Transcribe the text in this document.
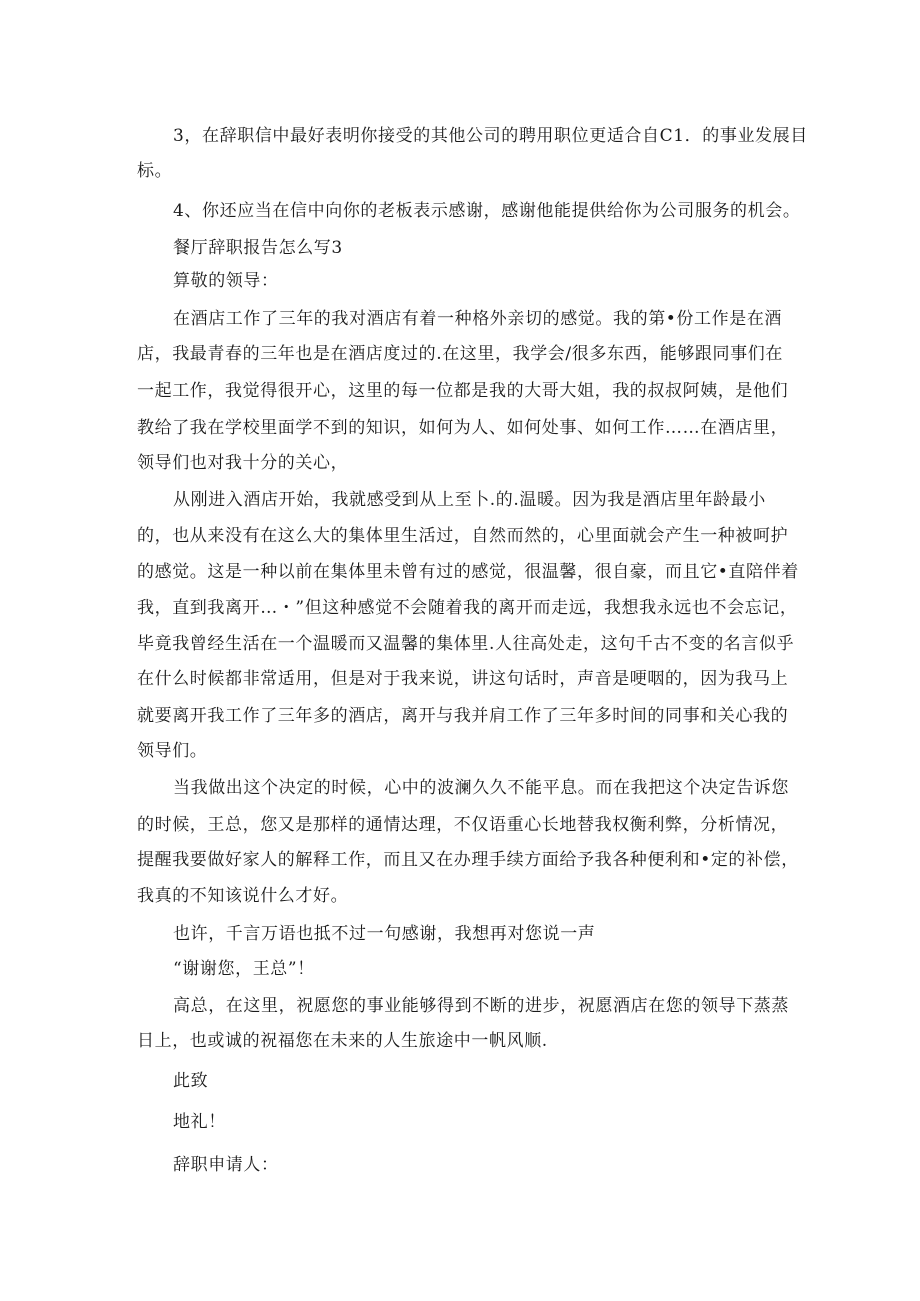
3，在辞职信中最好表明你接受的其他公司的聘用职位更适合自C1．的事业发展目
标。
4、你还应当在信中向你的老板表示感谢，感谢他能提供给你为公司服务的机会。
餐厅辞职报告怎么写3
算敬的领导：
在酒店工作了三年的我对酒店有着一种格外亲切的感觉。我的第•份工作是在酒
店，我最青春的三年也是在酒店度过的.在这里，我学会/很多东西，能够跟同事们在
一起工作，我觉得很开心，这里的每一位都是我的大哥大姐，我的叔叔阿姨，是他们
教给了我在学校里面学不到的知识，如何为人、如何处事、如何工作……在酒店里，
领导们也对我十分的关心，
从刚进入酒店开始，我就感受到从上至卜.的.温暖。因为我是酒店里年龄最小
的，也从来没有在这么大的集体里生活过，自然而然的，心里面就会产生一种被呵护
的感觉。这是一种以前在集体里未曾有过的感觉，很温馨，很自豪，而且它•直陪伴着
我，直到我离开…・”但这种感觉不会随着我的离开而走远，我想我永远也不会忘记，
毕竟我曾经生活在一个温暖而又温馨的集体里.人往高处走，这句千古不变的名言似乎
在什么时候都非常适用，但是对于我来说，讲这句话时，声音是哽咽的，因为我马上
就要离开我工作了三年多的酒店，离开与我并肩工作了三年多时间的同事和关心我的
领导们。
当我做出这个决定的时候，心中的波澜久久不能平息。而在我把这个决定告诉您
的时候，王总，您又是那样的通情达理，不仅语重心长地替我权衡利弊，分析情况，
提醒我要做好家人的解释工作，而且又在办理手续方面给予我各种便利和•定的补偿，
我真的不知该说什么才好。
也许，千言万语也抵不过一句感谢，我想再对您说一声
“谢谢您，王总”！
高总，在这里，祝愿您的事业能够得到不断的进步，祝愿酒店在您的领导下蒸蒸
日上，也或诚的祝福您在未来的人生旅途中一帆风顺.
此致
地礼！
辞职申请人：
